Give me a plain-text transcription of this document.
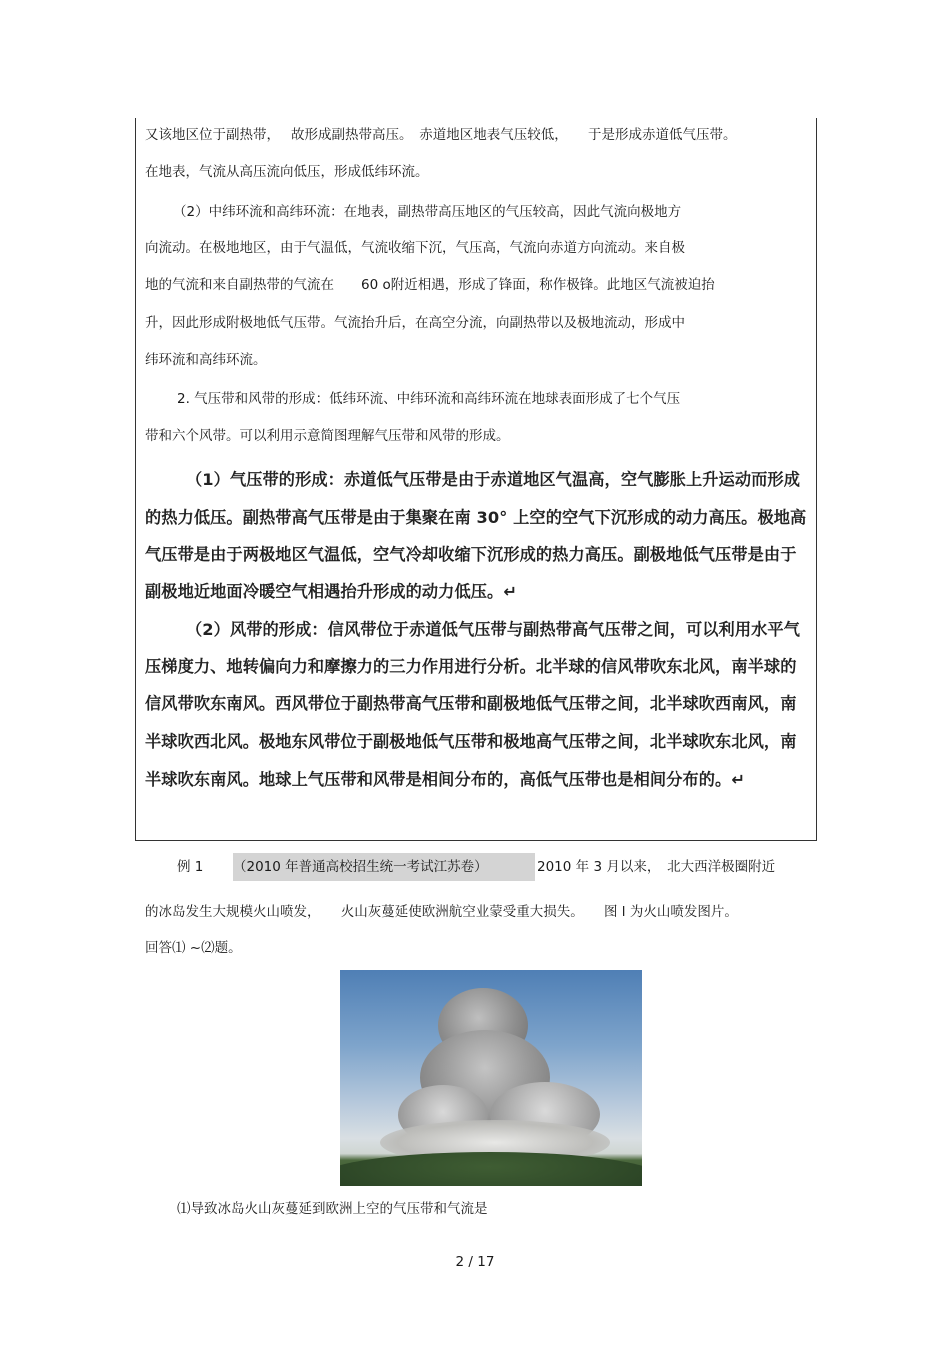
又该地区位于副热带，　 故形成副热带高压。　赤道地区地表气压较低，　　于是形成赤道低气压带。
在地表，气流从高压流向低压，形成低纬环流。
（2）中纬环流和高纬环流：在地表，副热带高压地区的气压较高，因此气流向极地方
向流动。在极地地区，由于气温低，气流收缩下沉，气压高，气流向赤道方向流动。来自极
地的气流和来自副热带的气流在　　60 o附近相遇，形成了锋面，称作极锋。此地区气流被迫抬
升，因此形成附极地低气压带。气流抬升后，在高空分流，向副热带以及极地流动，形成中
纬环流和高纬环流。
2. 气压带和风带的形成：低纬环流、中纬环流和高纬环流在地球表面形成了七个气压
带和六个风带。可以利用示意简图理解气压带和风带的形成。
（1）气压带的形成：赤道低气压带是由于赤道地区气温高，空气膨胀上升运动而形成
的热力低压。副热带高气压带是由于集聚在南 30° 上空的空气下沉形成的动力高压。极地高
气压带是由于两极地区气温低，空气冷却收缩下沉形成的热力高压。副极地低气压带是由于
副极地近地面冷暖空气相遇抬升形成的动力低压。↵
（2）风带的形成：信风带位于赤道低气压带与副热带高气压带之间，可以利用水平气
压梯度力、地转偏向力和摩擦力的三力作用进行分析。北半球的信风带吹东北风，南半球的
信风带吹东南风。西风带位于副热带高气压带和副极地低气压带之间，北半球吹西南风，南
半球吹西北风。极地东风带位于副极地低气压带和极地高气压带之间，北半球吹东北风，南
半球吹东南风。地球上气压带和风带是相间分布的，高低气压带也是相间分布的。↵
例 1 （2010 年普通高校招生统一考试江苏卷）	2010 年 3 月以来，　北大西洋极圈附近
的冰岛发生大规模火山喷发，　　火山灰蔓延使欧洲航空业蒙受重大损失。　　图 l 为火山喷发图片。
回答⑴ ~⑵题。
⑴导致冰岛火山灰蔓延到欧洲上空的气压带和气流是
2 / 17
